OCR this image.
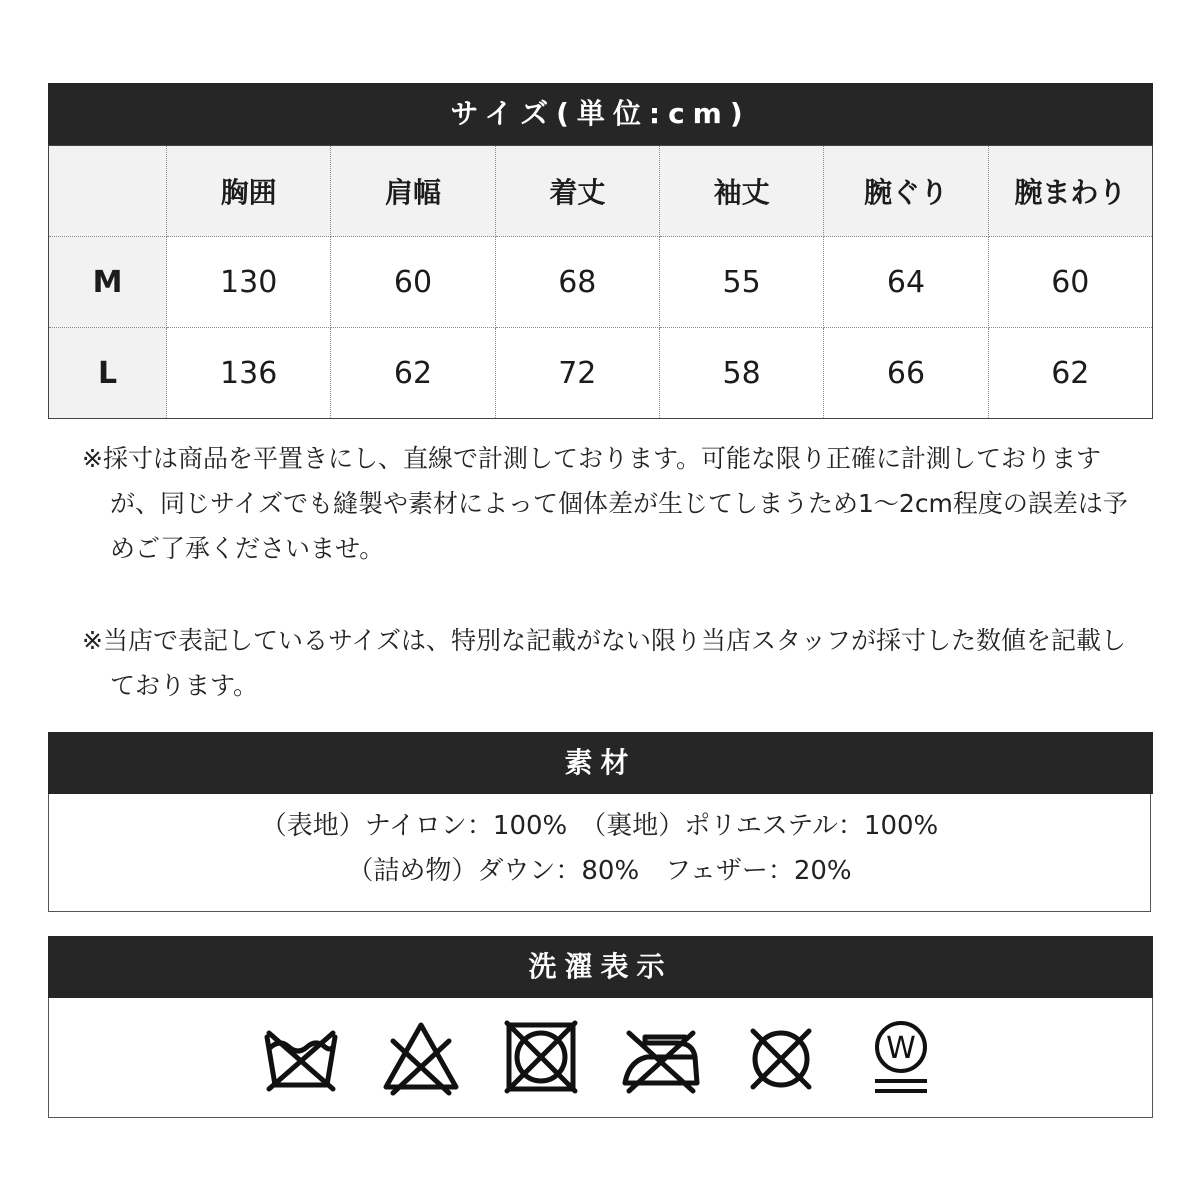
サイズ(単位:cm)
	胸囲	肩幅	着丈	袖丈	腕ぐり	腕まわり
M	130	60	68	55	64	60
L	136	62	72	58	66	62
※採寸は商品を平置きにし、直線で計測しております。可能な限り正確に計測しておりますが、同じサイズでも縫製や素材によって個体差が生じてしまうため1〜2cm程度の誤差は予めご了承くださいませ。
※当店で表記しているサイズは、特別な記載がない限り当店スタッフが採寸した数値を記載しております。
素材
（表地）ナイロン：100%　（裏地）ポリエステル：100%
（詰め物）ダウン：80%　フェザー：20%
洗濯表示
W
